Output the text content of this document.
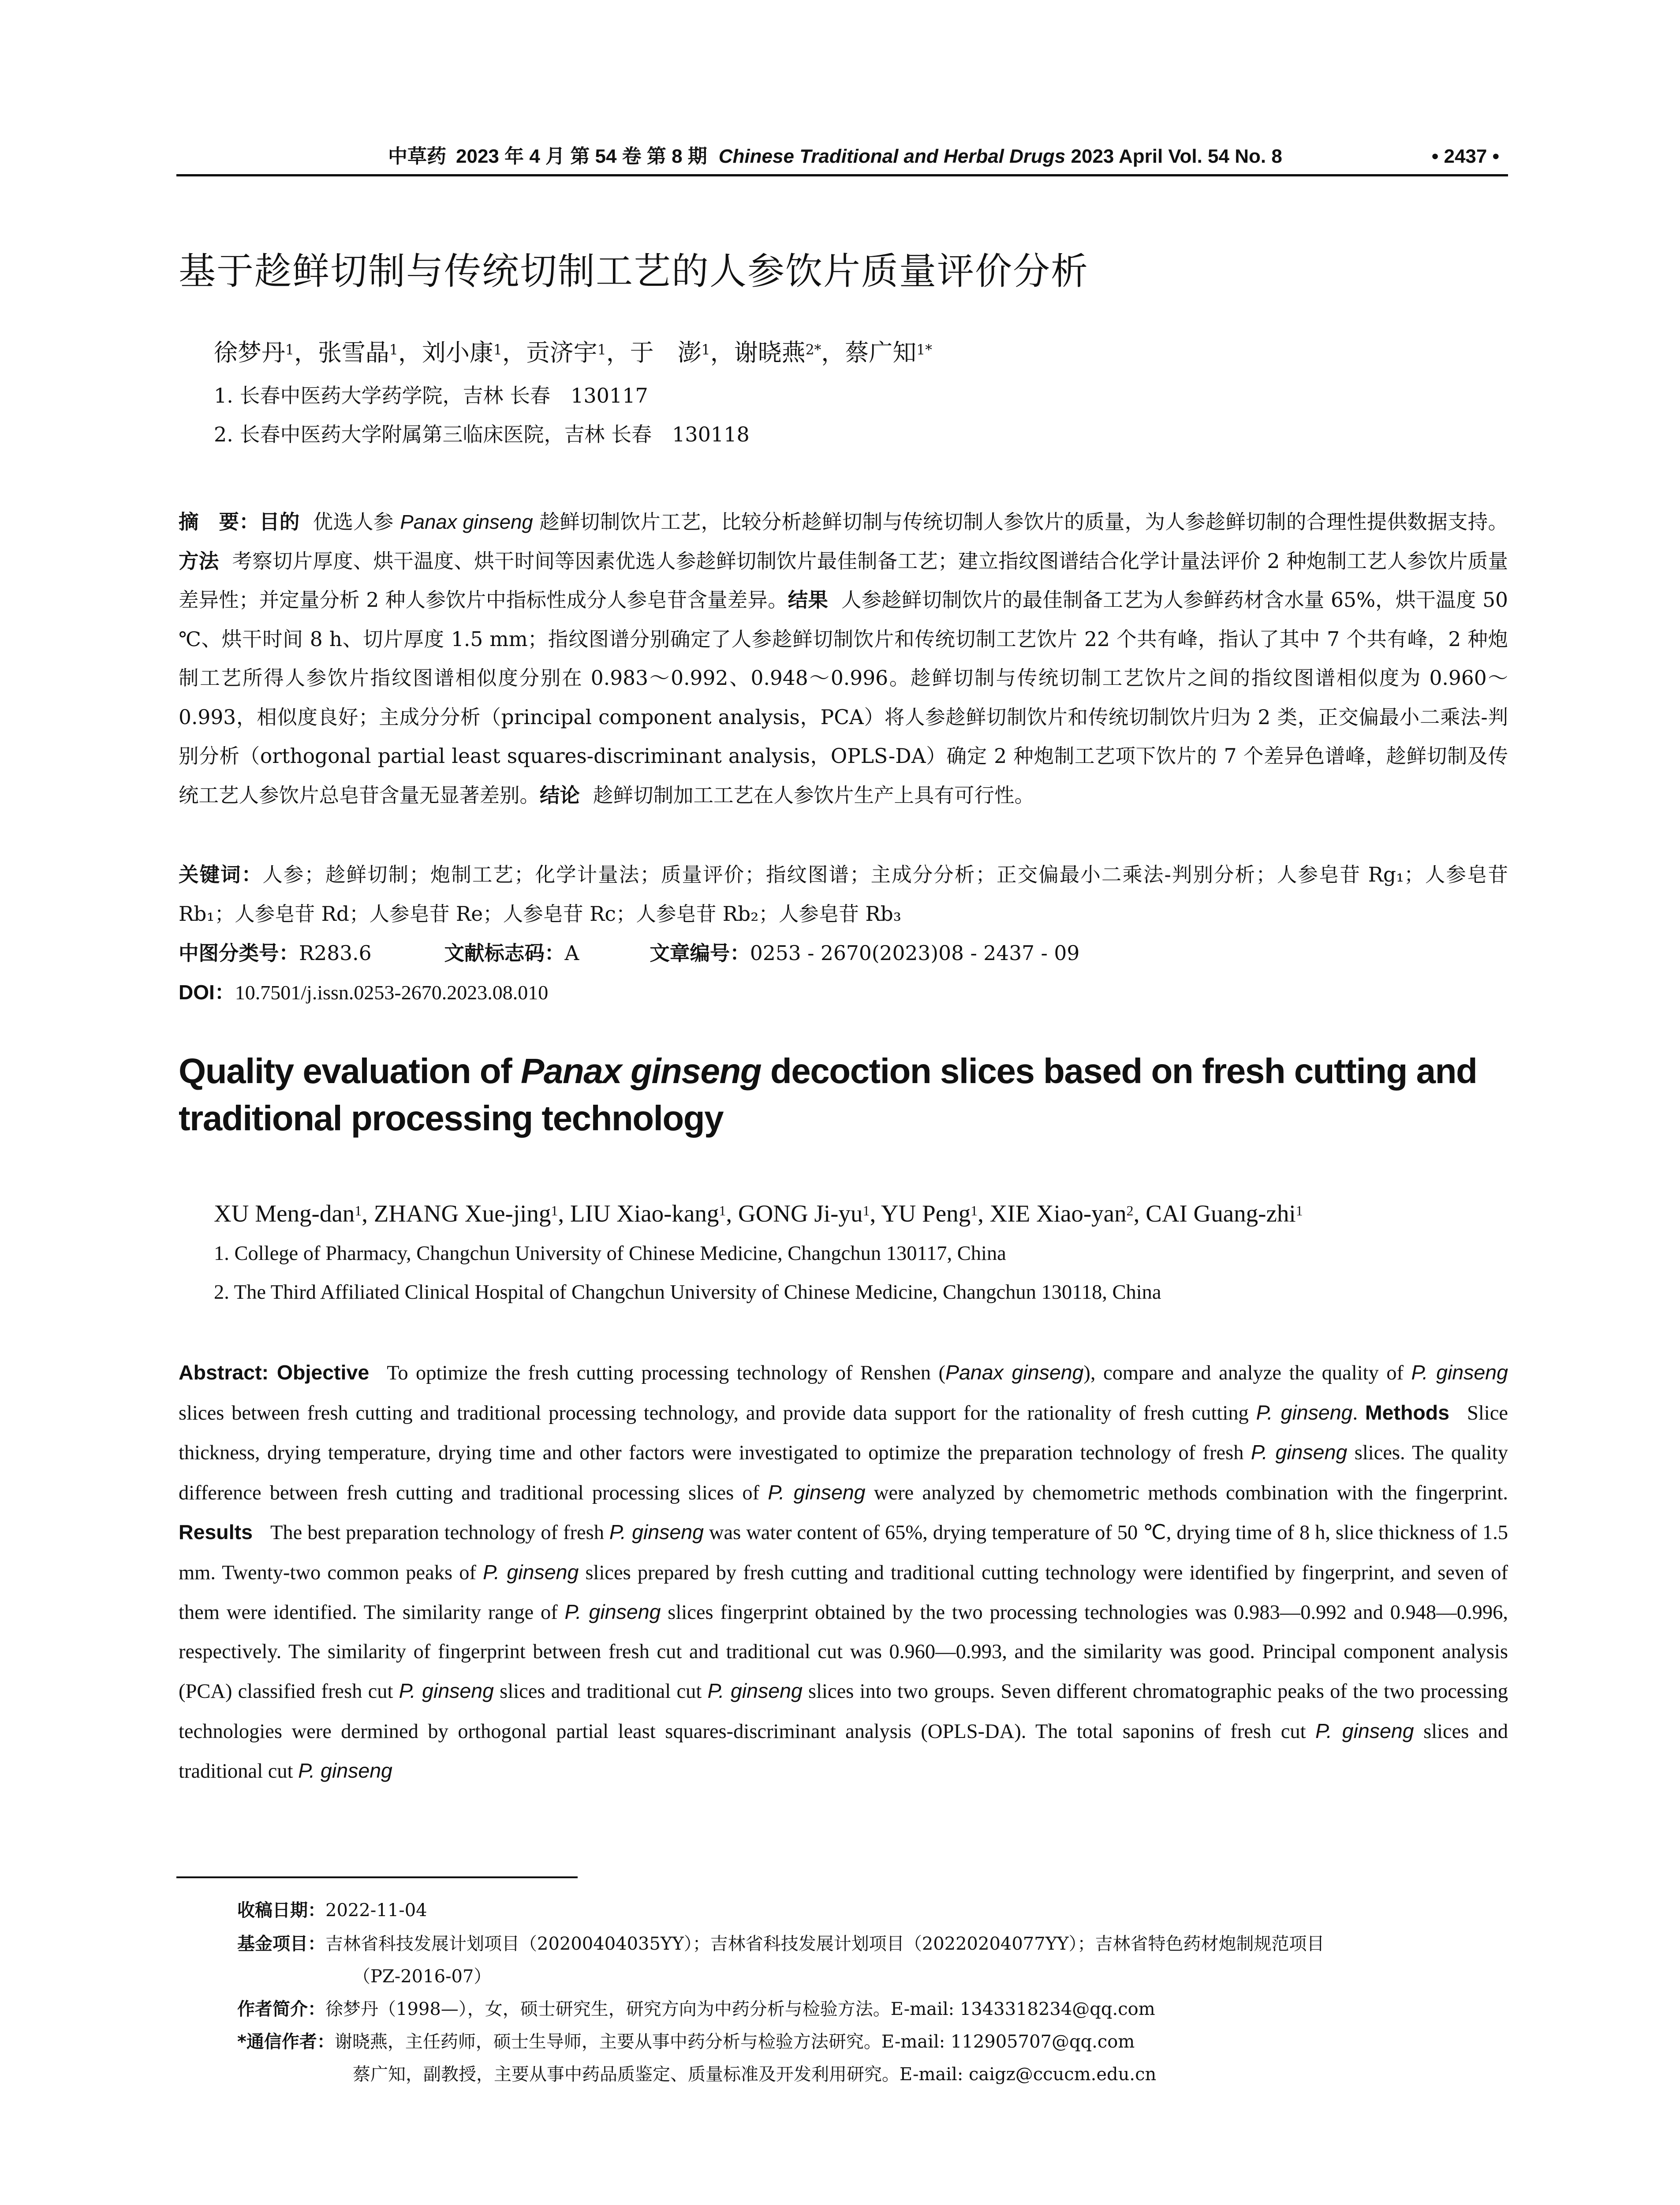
中草药 2023 年 4 月 第 54 卷 第 8 期 Chinese Traditional and Herbal Drugs 2023 April Vol. 54 No. 8	• 2437 •
基于趁鲜切制与传统切制工艺的人参饮片质量评价分析
徐梦丹$^1$，张雪晶$^1$，刘小康$^1$，贡济宇$^1$，于　澎$^1$，谢晓燕$^{2*}$，蔡广知$^{1*}$
1. 长春中医药大学药学院，吉林 长春　130117
2. 长春中医药大学附属第三临床医院，吉林 长春　130118
摘　要：目的 优选人参 Panax ginseng 趁鲜切制饮片工艺，比较分析趁鲜切制与传统切制人参饮片的质量，为人参趁鲜切制的合理性提供数据支持。方法 考察切片厚度、烘干温度、烘干时间等因素优选人参趁鲜切制饮片最佳制备工艺；建立指纹图谱结合化学计量法评价 2 种炮制工艺人参饮片质量差异性；并定量分析 2 种人参饮片中指标性成分人参皂苷含量差异。结果 人参趁鲜切制饮片的最佳制备工艺为人参鲜药材含水量 65%，烘干温度 50 ℃、烘干时间 8 h、切片厚度 1.5 mm；指纹图谱分别确定了人参趁鲜切制饮片和传统切制工艺饮片 22 个共有峰，指认了其中 7 个共有峰，2 种炮制工艺所得人参饮片指纹图谱相似度分别在 0.983～0.992、0.948～0.996。趁鲜切制与传统切制工艺饮片之间的指纹图谱相似度为 0.960～0.993，相似度良好；主成分分析（principal component analysis，PCA）将人参趁鲜切制饮片和传统切制饮片归为 2 类，正交偏最小二乘法-判别分析（orthogonal partial least squares-discriminant analysis，OPLS-DA）确定 2 种炮制工艺项下饮片的 7 个差异色谱峰，趁鲜切制及传统工艺人参饮片总皂苷含量无显著差别。结论 趁鲜切制加工工艺在人参饮片生产上具有可行性。
关键词：人参；趁鲜切制；炮制工艺；化学计量法；质量评价；指纹图谱；主成分分析；正交偏最小二乘法-判别分析；人参皂苷 Rg₁；人参皂苷 Rb₁；人参皂苷 Rd；人参皂苷 Re；人参皂苷 Rc；人参皂苷 Rb₂；人参皂苷 Rb₃
中图分类号：R283.6	文献标志码：A	文章编号：0253 - 2670(2023)08 - 2437 - 09
DOI：10.7501/j.issn.0253-2670.2023.08.010
Quality evaluation of Panax ginseng decoction slices based on fresh cutting and traditional processing technology
XU Meng-dan$^1$, ZHANG Xue-jing$^1$, LIU Xiao-kang$^1$, GONG $Ji-yu^1$, YU Peng$^1$, XIE Xiao-yan$^2$, CAI Guang-zhi$^1$
1. College of Pharmacy, Changchun University of Chinese Medicine, Changchun 130117, China
2. The Third Affiliated Clinical Hospital of Changchun University of Chinese Medicine, Changchun 130118, China
Abstract: Objective To optimize the fresh cutting processing technology of Renshen (Panax ginseng), compare and analyze the quality of P. ginseng slices between fresh cutting and traditional processing technology, and provide data support for the rationality of fresh cutting P. ginseng. Methods Slice thickness, drying temperature, drying time and other factors were investigated to optimize the preparation technology of fresh P. ginseng slices. The quality difference between fresh cutting and traditional processing slices of P. ginseng were analyzed by chemometric methods combination with the fingerprint. Results The best preparation technology of fresh P. ginseng was water content of 65%, drying temperature of 50 ℃, drying time of 8 h, slice thickness of 1.5 mm. Twenty-two common peaks of P. ginseng slices prepared by fresh cutting and traditional cutting technology were identified by fingerprint, and seven of them were identified. The similarity range of P. ginseng slices fingerprint obtained by the two processing technologies was 0.983—0.992 and 0.948—0.996, respectively. The similarity of fingerprint between fresh cut and traditional cut was 0.960—0.993, and the similarity was good. Principal component analysis (PCA) classified fresh cut P. ginseng slices and traditional cut P. ginseng slices into two groups. Seven different chromatographic peaks of the two processing technologies were dermined by orthogonal partial least squares-discriminant analysis (OPLS-DA). The total saponins of fresh cut P. ginseng slices and traditional cut P. ginseng
收稿日期：2022-11-04
基金项目：吉林省科技发展计划项目（20200404035YY）；吉林省科技发展计划项目（20220204077YY）；吉林省特色药材炮制规范项目
（PZ-2016-07）
作者简介：徐梦丹（1998—），女，硕士研究生，研究方向为中药分析与检验方法。E-mail: 1343318234@qq.com
*通信作者：谢晓燕，主任药师，硕士生导师，主要从事中药分析与检验方法研究。E-mail: 112905707@qq.com
蔡广知，副教授，主要从事中药品质鉴定、质量标准及开发利用研究。E-mail: caigz@ccucm.edu.cn
